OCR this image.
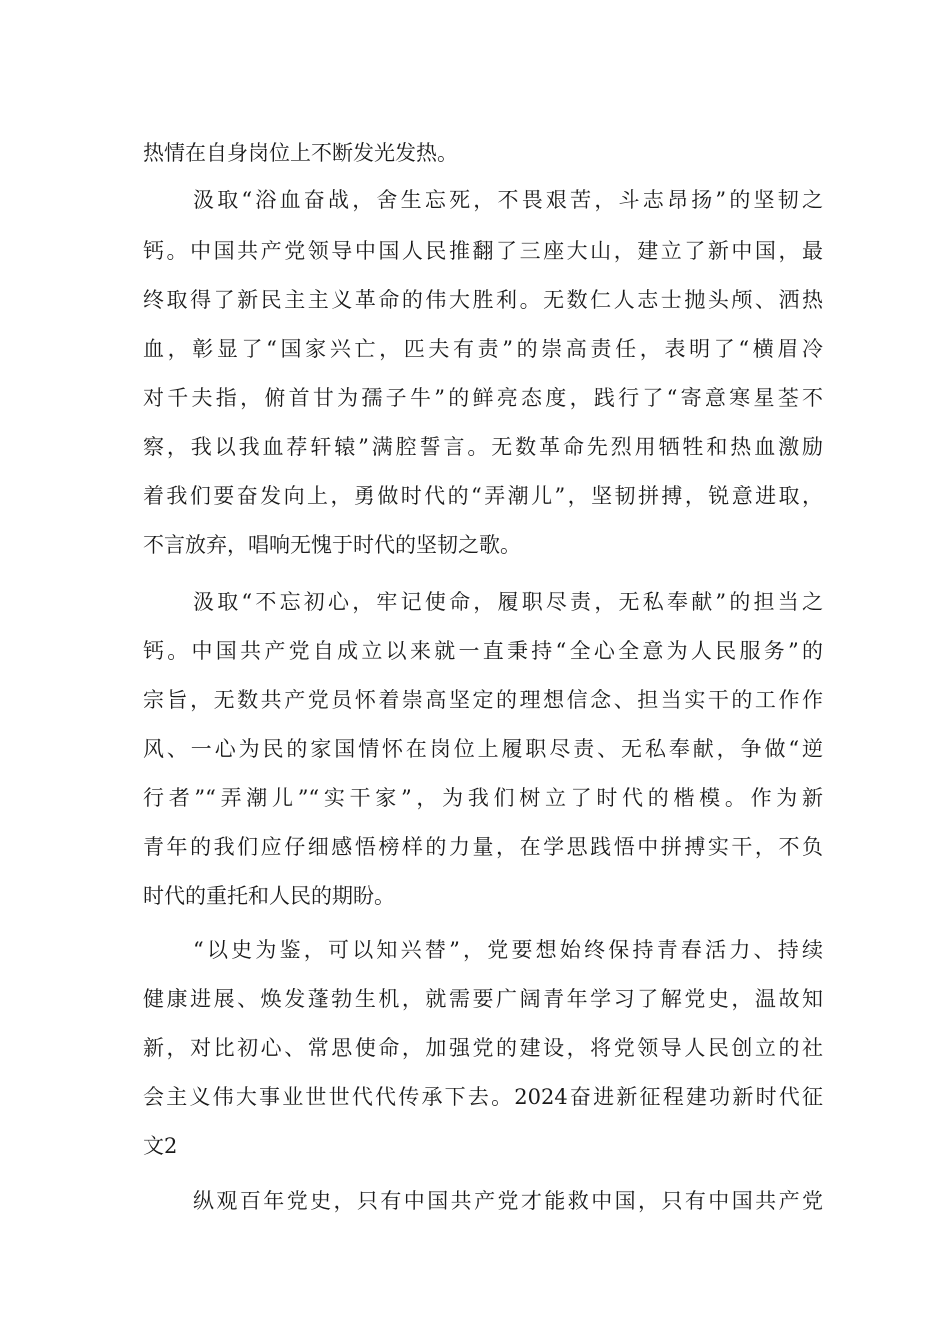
热情在自身岗位上不断发光发热。
汲取“浴血奋战，舍生忘死，不畏艰苦，斗志昂扬”的坚韧之
钙。中国共产党领导中国人民推翻了三座大山，建立了新中国，最
终取得了新民主主义革命的伟大胜利。无数仁人志士抛头颅、洒热
血，彰显了“国家兴亡，匹夫有责”的崇高责任，表明了“横眉冷
对千夫指，俯首甘为孺子牛”的鲜亮态度，践行了“寄意寒星荃不
察，我以我血荐轩辕”满腔誓言。无数革命先烈用牺牲和热血激励
着我们要奋发向上，勇做时代的“弄潮儿”，坚韧拼搏，锐意进取，
不言放弃，唱响无愧于时代的坚韧之歌。
汲取“不忘初心，牢记使命，履职尽责，无私奉献”的担当之
钙。中国共产党自成立以来就一直秉持“全心全意为人民服务”的
宗旨，无数共产党员怀着崇高坚定的理想信念、担当实干的工作作
风、一心为民的家国情怀在岗位上履职尽责、无私奉献，争做“逆
行者”“弄潮儿”“实干家”，为我们树立了时代的楷模。作为新
青年的我们应仔细感悟榜样的力量，在学思践悟中拼搏实干，不负
时代的重托和人民的期盼。
“以史为鉴，可以知兴替”，党要想始终保持青春活力、持续
健康进展、焕发蓬勃生机，就需要广阔青年学习了解党史，温故知
新，对比初心、常思使命，加强党的建设，将党领导人民创立的社
会主义伟大事业世世代代传承下去。2024奋进新征程建功新时代征
文2
纵观百年党史，只有中国共产党才能救中国，只有中国共产党
